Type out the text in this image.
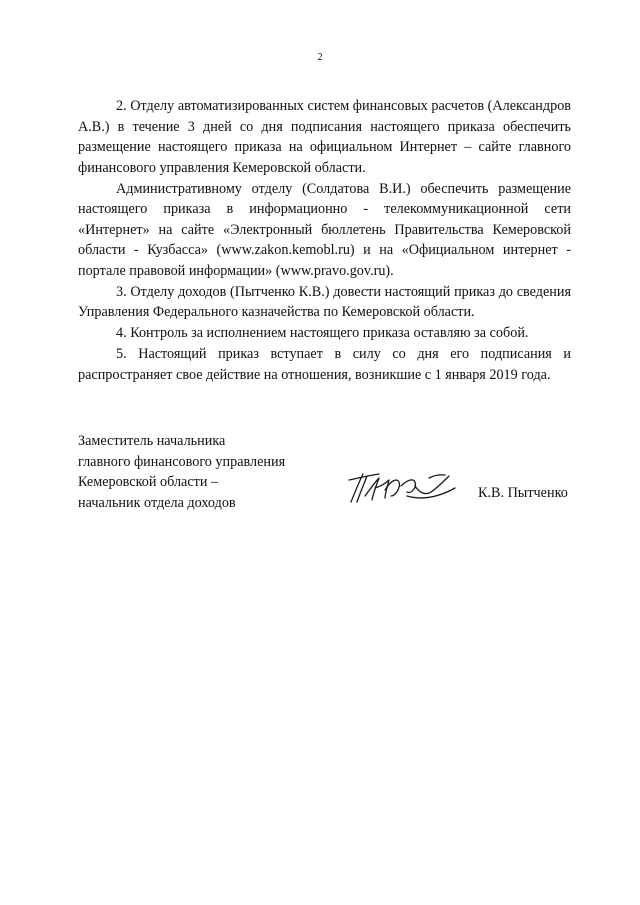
2

2. Отделу автоматизированных систем финансовых расчетов (Александров А.В.) в течение 3 дней со дня подписания настоящего приказа обеспечить размещение настоящего приказа на официальном Интернет – сайте главного финансового управления Кемеровской области.

Административному отделу (Солдатова В.И.) обеспечить размещение настоящего приказа в информационно - телекоммуникационной сети «Интернет» на сайте «Электронный бюллетень Правительства Кемеровской области - Кузбасса» (www.zakon.kemobl.ru) и на «Официальном интернет - портале правовой информации» (www.pravo.gov.ru).

3. Отделу доходов (Пытченко К.В.) довести настоящий приказ до сведения Управления Федерального казначейства по Кемеровской области.

4. Контроль за исполнением настоящего приказа оставляю за собой.

5. Настоящий приказ вступает в силу со дня его подписания и распространяет свое действие на отношения, возникшие с 1 января 2019 года.

Заместитель начальника
главного финансового управления
Кемеровской области –
начальник отдела доходов
К.В. Пытченко
